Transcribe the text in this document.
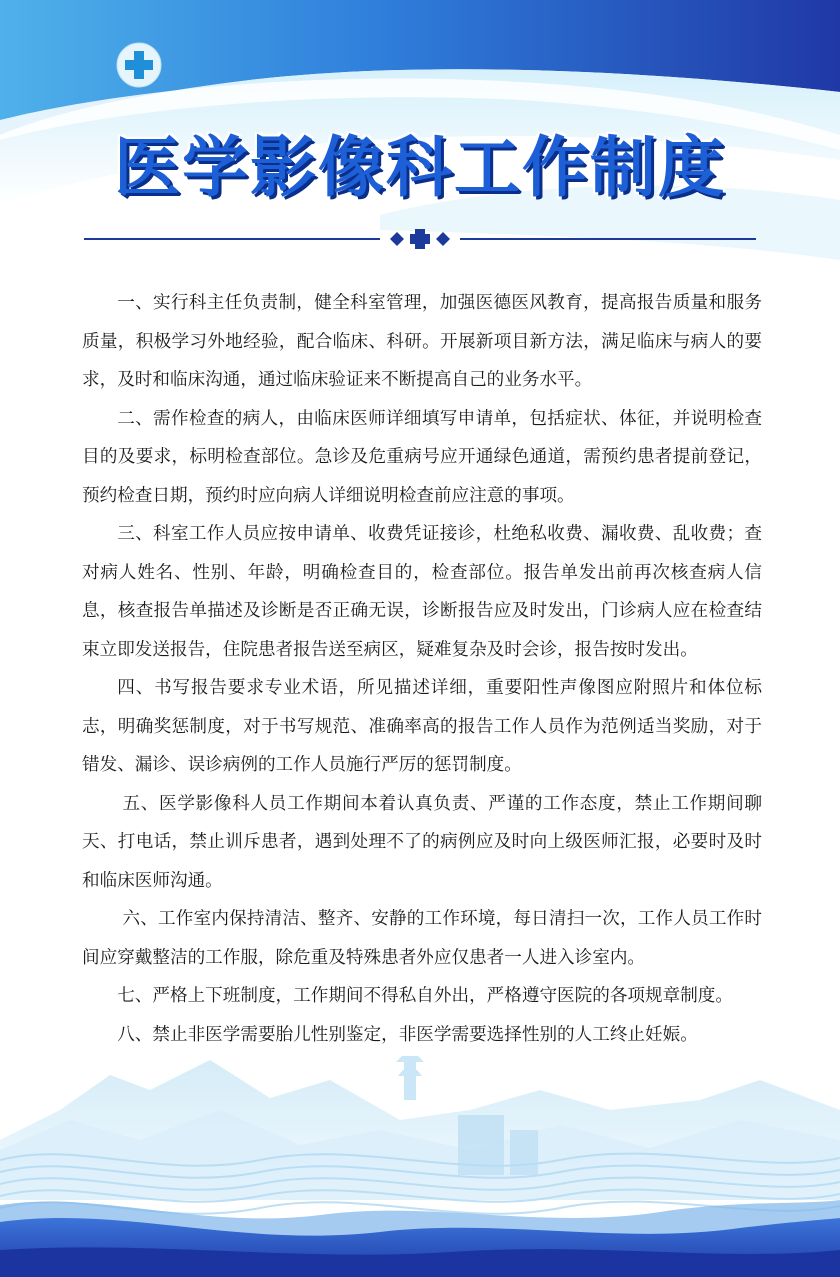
医学影像科工作制度

一、实行科主任负责制，健全科室管理，加强医德医风教育，提高报告质量和服务质量，积极学习外地经验，配合临床、科研。开展新项目新方法，满足临床与病人的要求，及时和临床沟通，通过临床验证来不断提高自己的业务水平。

二、需作检查的病人，由临床医师详细填写申请单，包括症状、体征，并说明检查目的及要求，标明检查部位。急诊及危重病号应开通绿色通道，需预约患者提前登记，预约检查日期，预约时应向病人详细说明检查前应注意的事项。

三、科室工作人员应按申请单、收费凭证接诊，杜绝私收费、漏收费、乱收费；查对病人姓名、性别、年龄，明确检查目的，检查部位。报告单发出前再次核查病人信息，核查报告单描述及诊断是否正确无误，诊断报告应及时发出，门诊病人应在检查结束立即发送报告，住院患者报告送至病区，疑难复杂及时会诊，报告按时发出。

四、书写报告要求专业术语，所见描述详细，重要阳性声像图应附照片和体位标志，明确奖惩制度，对于书写规范、准确率高的报告工作人员作为范例适当奖励，对于错发、漏诊、误诊病例的工作人员施行严厉的惩罚制度。

五、医学影像科人员工作期间本着认真负责、严谨的工作态度，禁止工作期间聊天、打电话，禁止训斥患者，遇到处理不了的病例应及时向上级医师汇报，必要时及时和临床医师沟通。

六、工作室内保持清洁、整齐、安静的工作环境，每日清扫一次，工作人员工作时间应穿戴整洁的工作服，除危重及特殊患者外应仅患者一人进入诊室内。

七、严格上下班制度，工作期间不得私自外出，严格遵守医院的各项规章制度。

八、禁止非医学需要胎儿性别鉴定，非医学需要选择性别的人工终止妊娠。
